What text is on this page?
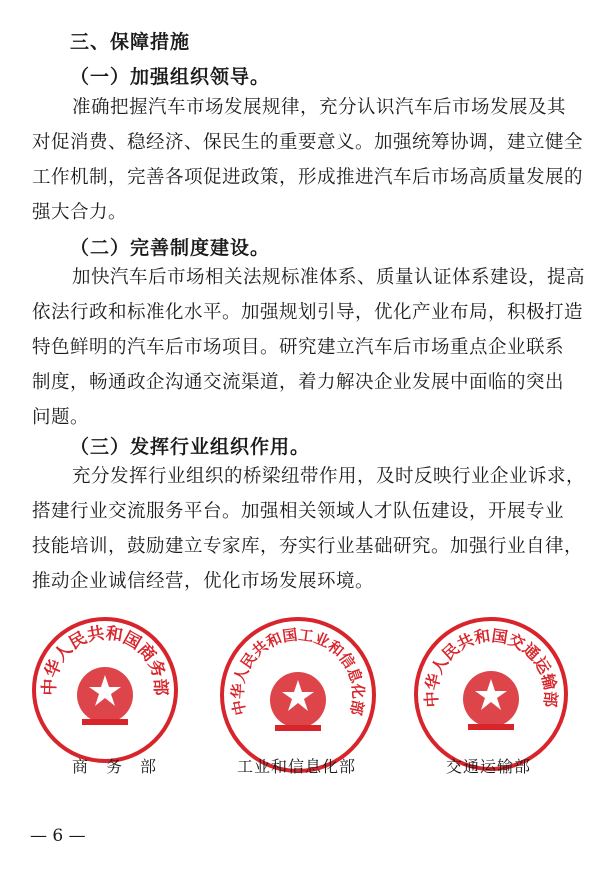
三、保障措施
（一）加强组织领导。
准确把握汽车市场发展规律，充分认识汽车后市场发展及其
对促消费、稳经济、保民生的重要意义。加强统筹协调，建立健全
工作机制，完善各项促进政策，形成推进汽车后市场高质量发展的
强大合力。
（二）完善制度建设。
加快汽车后市场相关法规标准体系、质量认证体系建设，提高
依法行政和标准化水平。加强规划引导，优化产业布局，积极打造
特色鲜明的汽车后市场项目。研究建立汽车后市场重点企业联系
制度，畅通政企沟通交流渠道，着力解决企业发展中面临的突出
问题。
（三）发挥行业组织作用。
充分发挥行业组织的桥梁纽带作用，及时反映行业企业诉求，
搭建行业交流服务平台。加强相关领域人才队伍建设，开展专业
技能培训，鼓励建立专家库，夯实行业基础研究。加强行业自律，
推动企业诚信经营，优化市场发展环境。
中华人民共和国商务部
中华人民共和国工业和信息化部	中华人民共和国交通运输部
商　务　部	工业和信息化部	交通运输部
— 6 —
